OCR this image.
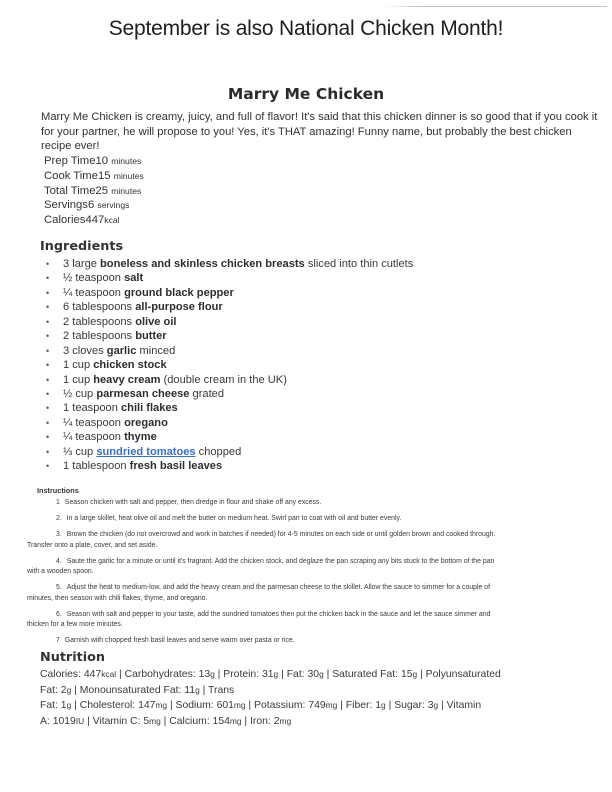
September is also National Chicken Month!
Marry Me Chicken
Marry Me Chicken is creamy, juicy, and full of flavor! It's said that this chicken dinner is so good that if you cook it for your partner, he will propose to you! Yes, it's THAT amazing! Funny name, but probably the best chicken recipe ever!
Prep Time10 minutes
Cook Time15 minutes
Total Time25 minutes
Servings6 servings
Calories447kcal
Ingredients
• 3 large boneless and skinless chicken breasts sliced into thin cutlets
• ½ teaspoon salt
• ¼ teaspoon ground black pepper
• 6 tablespoons all-purpose flour
• 2 tablespoons olive oil
• 2 tablespoons butter
• 3 cloves garlic minced
• 1 cup chicken stock
• 1 cup heavy cream (double cream in the UK)
• ½ cup parmesan cheese grated
• 1 teaspoon chili flakes
• ¼ teaspoon oregano
• ¼ teaspoon thyme
• ⅓ cup sundried tomatoes chopped
• 1 tablespoon fresh basil leaves
Instructions
1 Season chicken with salt and pepper, then dredge in flour and shake off any excess.
2. In a large skillet, heat olive oil and melt the butter on medium heat. Swirl pan to coat with oil and butter evenly.
3. Brown the chicken (do not overcrowd and work in batches if needed) for 4-5 minutes on each side or until golden brown and cooked through.
Transfer onto a plate, cover, and set aside.
4. Saute the garlic for a minute or until it's fragrant. Add the chicken stock, and deglaze the pan scraping any bits stuck to the bottom of the pan
with a wooden spoon.
5. Adjust the heat to medium-low, and add the heavy cream and the parmesan cheese to the skillet. Allow the sauce to simmer for a couple of
minutes, then season with chili flakes, thyme, and oregano.
6. Season with salt and pepper to your taste, add the sundried tomatoes then put the chicken back in the sauce and let the sauce simmer and
thicken for a few more minutes.
7 Garnish with chopped fresh basil leaves and serve warm over pasta or rice.
Nutrition
Calories: 447kcal | Carbohydrates: 13g | Protein: 31g | Fat: 30g | Saturated Fat: 15g | Polyunsaturated
Fat: 2g | Monounsaturated Fat: 11g | Trans
Fat: 1g | Cholesterol: 147mg | Sodium: 601mg | Potassium: 749mg | Fiber: 1g | Sugar: 3g | Vitamin
A: 1019IU | Vitamin C: 5mg | Calcium: 154mg | Iron: 2mg
